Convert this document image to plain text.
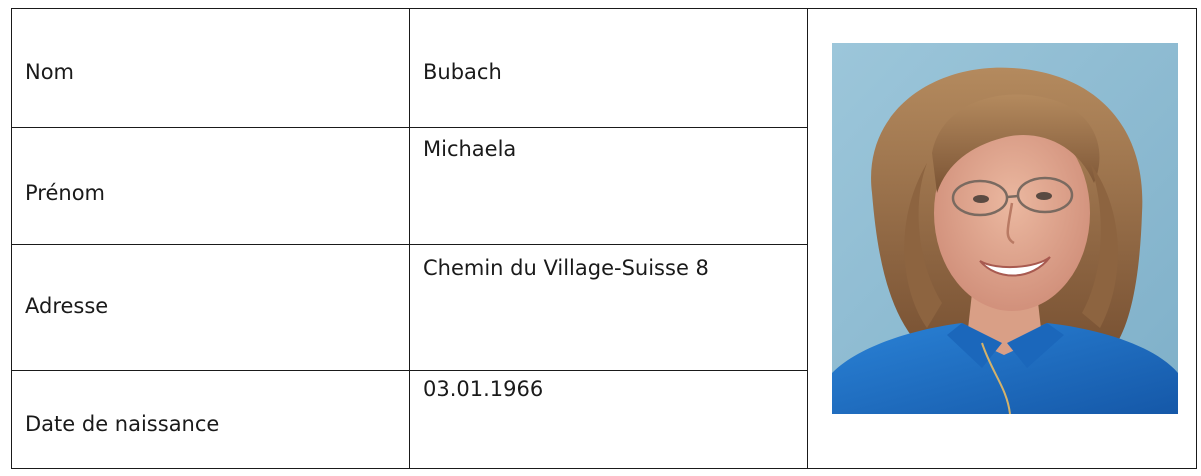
Nom	Bubach

Prénom	Michaela	

Adresse	Chemin du Village-Suisse 8	

Date de naissance	03.01.1966	
